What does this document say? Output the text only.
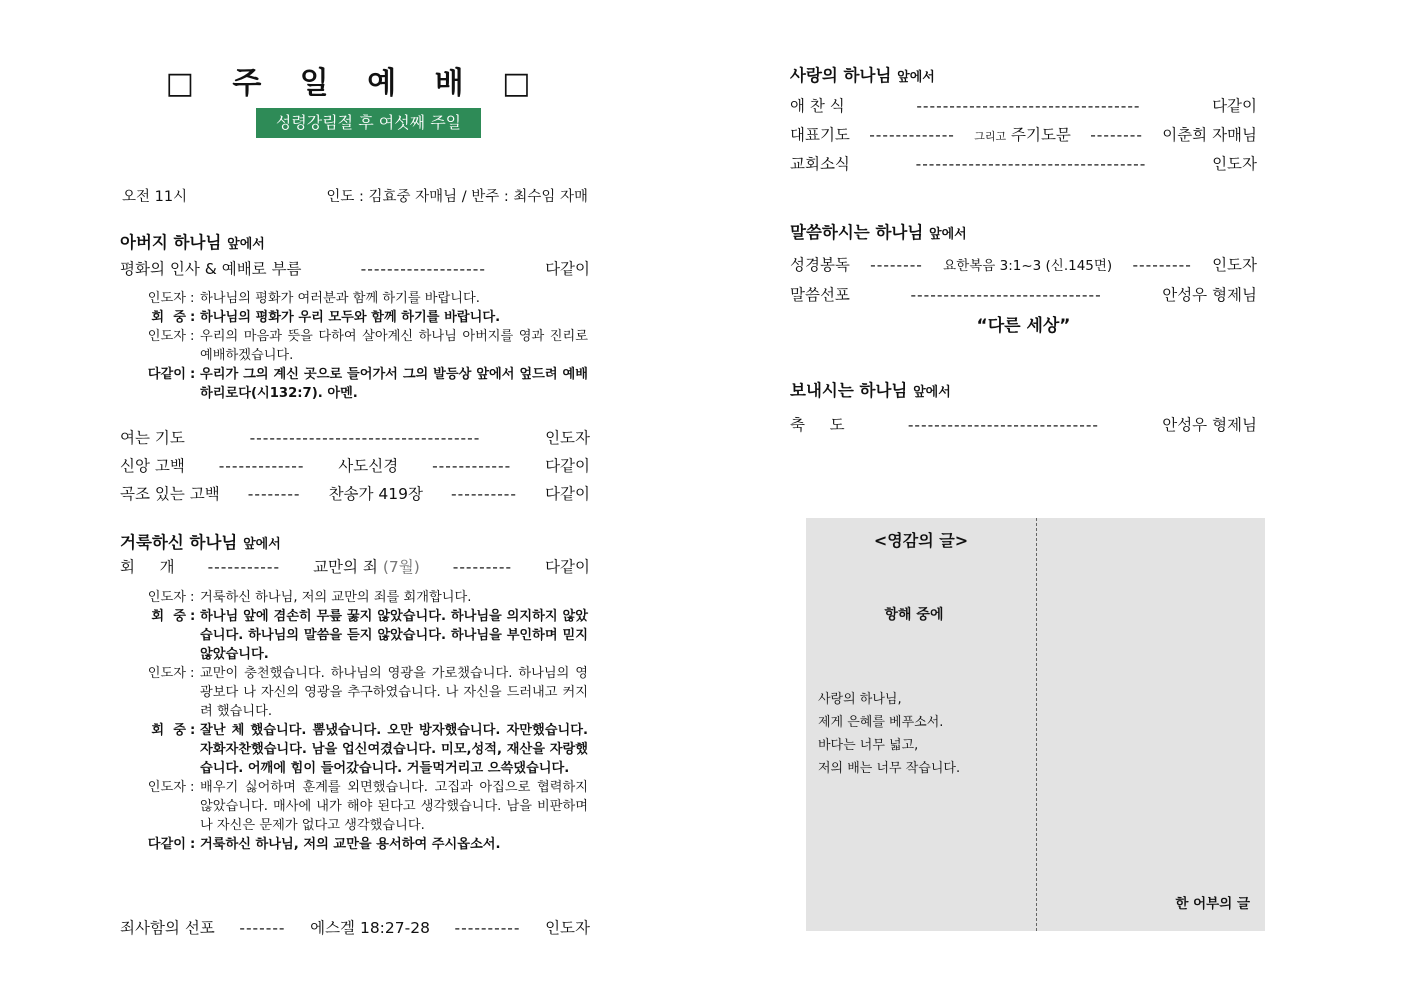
□ 주 일 예 배 □
성령강림절 후 여섯째 주일
오전 11시	인도 : 김효중 자매님 / 반주 : 최수임 자매
아버지 하나님 앞에서
평화의 인사 & 예배로 부름	-------------------	다같이
인도자 : 하나님의 평화가 여러분과 함께 하기를 바랍니다.
회  중 : 하나님의 평화가 우리 모두와 함께 하기를 바랍니다.
인도자 : 우리의 마음과 뜻을 다하여 살아계신 하나님 아버지를 영과 진리로 예배하겠습니다.
다같이 : 우리가 그의 계신 곳으로 들어가서 그의 발등상 앞에서 엎드려 예배하리로다(시132:7). 아멘.
여는 기도	-----------------------------------	인도자
신앙 고백 ------------- 사도신경 ------------ 다같이
곡조 있는 고백 -------- 찬송가 419장 ---------- 다같이
거룩하신 하나님 앞에서
회     개 ----------- 교만의 죄 (7월) --------- 다같이
인도자 : 거룩하신 하나님, 저의 교만의 죄를 회개합니다.
회  중 : 하나님 앞에 겸손히 무릎 꿇지 않았습니다. 하나님을 의지하지 않았습니다. 하나님의 말씀을 듣지 않았습니다. 하나님을 부인하며 믿지 않았습니다.
인도자 : 교만이 충천했습니다. 하나님의 영광을 가로챘습니다. 하나님의 영광보다 나 자신의 영광을 추구하였습니다. 나 자신을 드러내고 커지려 했습니다.
회  중 : 잘난 체 했습니다. 뽐냈습니다. 오만 방자했습니다. 자만했습니다. 자화자찬했습니다. 남을 업신여겼습니다. 미모,성적, 재산을 자랑했습니다. 어깨에 힘이 들어갔습니다. 거들먹거리고 으쓱댔습니다.
인도자 : 배우기 싫어하며 훈계를 외면했습니다. 고집과 아집으로 협력하지 않았습니다. 매사에 내가 해야 된다고 생각했습니다. 남을 비판하며 나 자신은 문제가 없다고 생각했습니다.
다같이 : 거룩하신 하나님, 저의 교만을 용서하여 주시옵소서.
죄사함의 선포 ------- 에스겔 18:27-28 ---------- 인도자
사랑의 하나님 앞에서
애 찬 식	----------------------------------	다같이
대표기도 ------------- 그리고 주기도문 -------- 이춘희 자매님
교회소식	-----------------------------------	인도자
말씀하시는 하나님 앞에서
성경봉독 -------- 요한복음 3:1~3 (신.145면) --------- 인도자
말씀선포	-----------------------------	안성우 형제님
“다른 세상”
보내시는 하나님 앞에서
축     도	-----------------------------	안성우 형제님
<영감의 글>
항해 중에
사랑의 하나님,
제게 은혜를 베푸소서.
바다는 너무 넓고,
저의 배는 너무 작습니다.
한 어부의 글
